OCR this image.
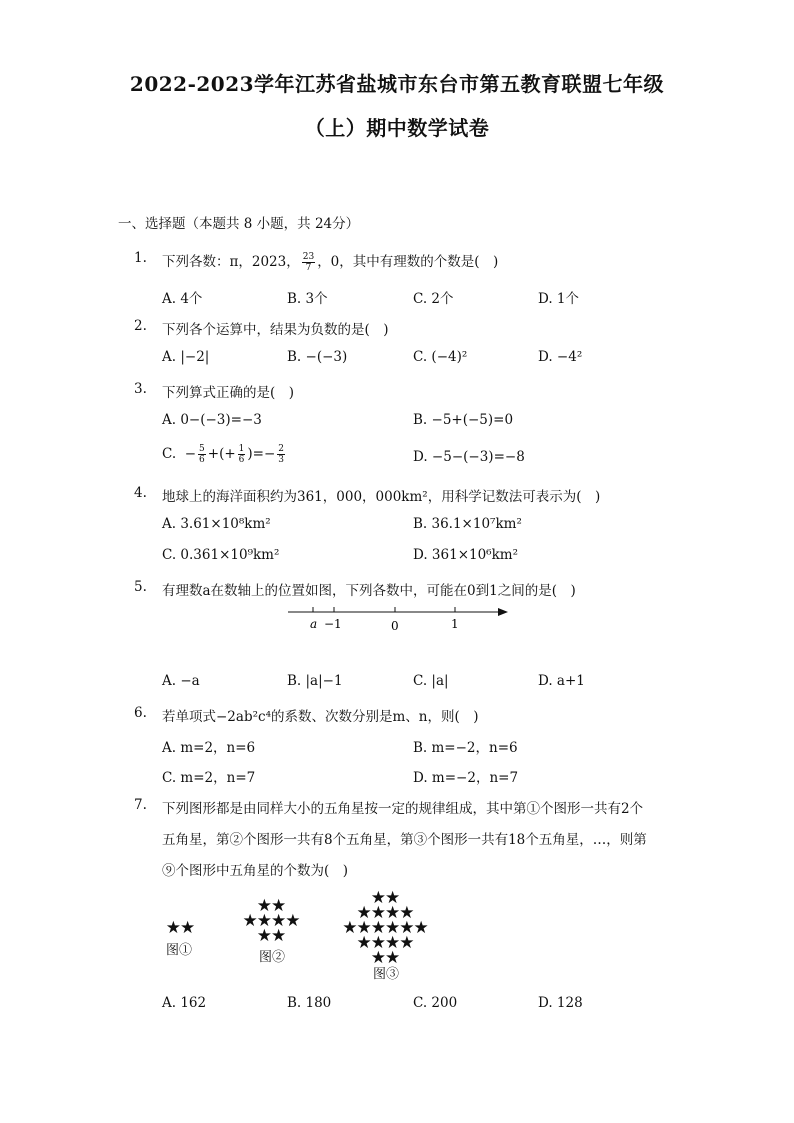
2022-2023学年江苏省盐城市东台市第五教育联盟七年级
（上）期中数学试卷
一、选择题（本题共 8 小题，共 24分）
1. 下列各数：π，2023， $\frac{23}{7}$ ，0，其中有理数的个数是(　)
A. 4个	B. 3个	C. 2个	D. 1个
2. 下列各个运算中，结果为负数的是(　)
A. |−2|	B. −(−3)	C. (−4)²	D. −4²
3. 下列算式正确的是(　)
A. 0−(−3)=−3	B. −5+(−5)=0
C.  − $\frac{5}{6}$ +(+ $\frac{1}{6}$ )=− $\frac{2}{3}$	D. −5−(−3)=−8
4. 地球上的海洋面积约为361，000，000km²，用科学记数法可表示为(　)
A. 3.61×10⁸km²	B. 36.1×10⁷km²
C. 0.361×10⁹km²	D. 361×10⁶km²
5. 有理数a在数轴上的位置如图，下列各数中，可能在0到1之间的是(　)
a −1	0	1
A. −a	B. |a|−1	C. |a|	D. a+1
6. 若单项式−2ab²c⁴的系数、次数分别是m、n，则(　)
A. m=2，n=6	B. m=−2，n=6
C. m=2，n=7	D. m=−2，n=7
7. 下列图形都是由同样大小的五角星按一定的规律组成，其中第①个图形一共有2个
五角星，第②个图形一共有8个五角星，第③个图形一共有18个五角星，…，则第
⑨个图形中五角星的个数为(　)
★★
图①
★★
★★★★
★★
图②
★★
★★★★
★★★★★★
★★★★
★★
图③
A. 162	B. 180	C. 200	D. 128
